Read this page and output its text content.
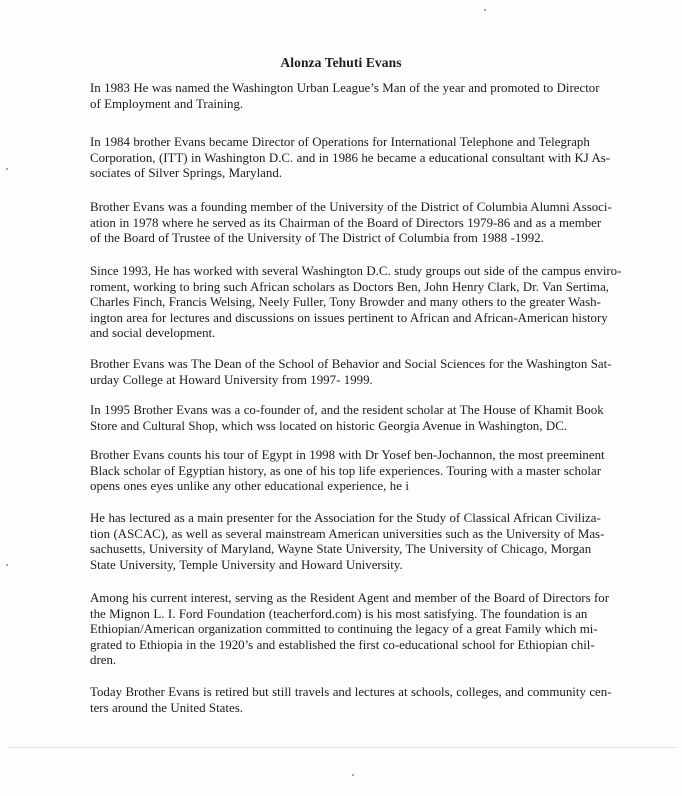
Alonza Tehuti Evans
In 1983 He was named the Washington Urban League’s Man of the year and promoted to Director
of Employment and Training.
In 1984 brother Evans became Director of Operations for International Telephone and Telegraph
Corporation, (ITT) in Washington D.C. and in 1986 he became a educational consultant with KJ As-
sociates of Silver Springs, Maryland.
Brother Evans was a founding member of the University of the District of Columbia Alumni Associ-
ation in 1978 where he served as its Chairman of the Board of Directors 1979-86 and as a member
of the Board of Trustee of the University of The District of Columbia from 1988 -1992.
Since 1993, He has worked with several Washington D.C. study groups out side of the campus enviro-
roment, working to bring such African scholars as Doctors Ben, John Henry Clark, Dr. Van Sertima,
Charles Finch, Francis Welsing, Neely Fuller, Tony Browder and many others to the greater Wash-
ington area for lectures and discussions on issues pertinent to African and African-American history
and social development.
Brother Evans was The Dean of the School of Behavior and Social Sciences for the Washington Sat-
urday College at Howard University from 1997- 1999.
In 1995 Brother Evans was a co-founder of, and the resident scholar at The House of Khamit Book
Store and Cultural Shop, which wss located on historic Georgia Avenue in Washington, DC.
Brother Evans counts his tour of Egypt in 1998 with Dr Yosef ben-Jochannon, the most preeminent
Black scholar of Egyptian history, as one of his top life experiences. Touring with a master scholar
opens ones eyes unlike any other educational experience, he i
He has lectured as a main presenter for the Association for the Study of Classical African Civiliza-
tion (ASCAC), as well as several mainstream American universities such as the University of Mas-
sachusetts, University of Maryland, Wayne State University, The University of Chicago, Morgan
State University, Temple University and Howard University.
Among his current interest, serving as the Resident Agent and member of the Board of Directors for
the Mignon L. I. Ford Foundation (teacherford.com) is his most satisfying. The foundation is an
Ethiopian/American organization committed to continuing the legacy of a great Family which mi-
grated to Ethiopia in the 1920’s and established the first co-educational school for Ethiopian chil-
dren.
Today Brother Evans is retired but still travels and lectures at schools, colleges, and community cen-
ters around the United States.
